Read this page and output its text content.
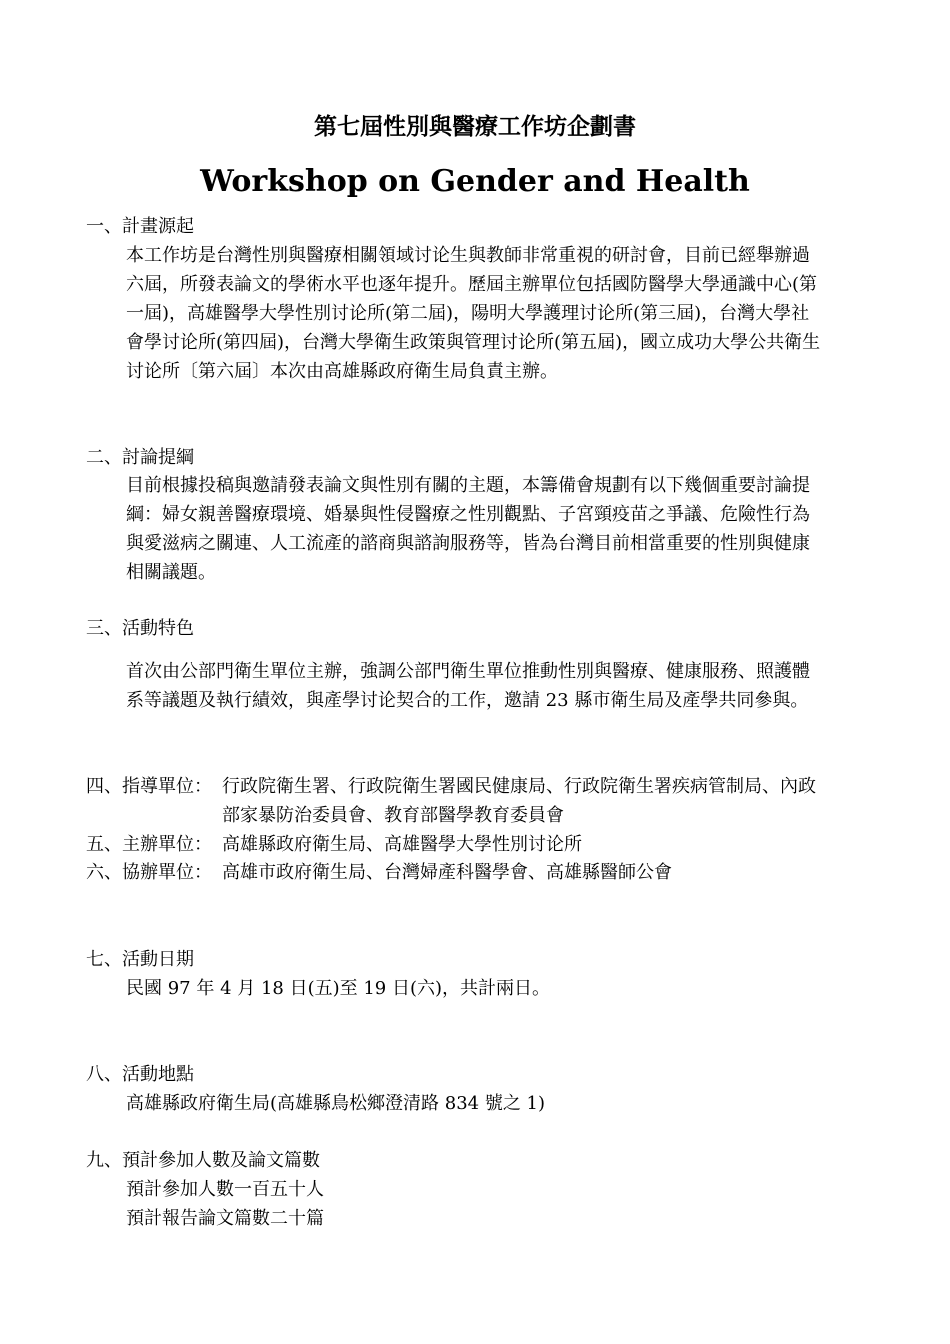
第七屆性別與醫療工作坊企劃書
Workshop on Gender and Health
一、計畫源起
本工作坊是台灣性別與醫療相關領域讨论生與教師非常重視的研討會，目前已經舉辦過
六屆，所發表論文的學術水平也逐年提升。歷屆主辦單位包括國防醫學大學通識中心(第
一屆)，高雄醫學大學性別讨论所(第二屆)，陽明大學護理讨论所(第三屆)，台灣大學社
會學讨论所(第四屆)，台灣大學衛生政策與管理讨论所(第五屆)，國立成功大學公共衛生
讨论所〔第六屆〕本次由高雄縣政府衛生局負責主辦。
二、討論提綱
目前根據投稿與邀請發表論文與性別有關的主題，本籌備會規劃有以下幾個重要討論提
綱：婦女親善醫療環境、婚暴與性侵醫療之性別觀點、子宮頸疫苗之爭議、危險性行為
與愛滋病之關連、人工流產的諮商與諮詢服務等，皆為台灣目前相當重要的性別與健康
相關議題。
三、活動特色
首次由公部門衛生單位主辦，強調公部門衛生單位推動性別與醫療、健康服務、照護體
系等議題及執行績效，與產學讨论契合的工作，邀請 23 縣市衛生局及產學共同參與。
四、指導單位： 行政院衛生署、行政院衛生署國民健康局、行政院衛生署疾病管制局、內政
部家暴防治委員會、教育部醫學教育委員會
五、主辦單位： 高雄縣政府衛生局、高雄醫學大學性別讨论所
六、協辦單位： 高雄市政府衛生局、台灣婦產科醫學會、高雄縣醫師公會
七、活動日期
民國 97 年 4 月 18 日(五)至 19 日(六)，共計兩日。
八、活動地點
高雄縣政府衛生局(高雄縣鳥松鄉澄清路 834 號之 1)
九、預計參加人數及論文篇數
預計參加人數一百五十人
預計報告論文篇數二十篇
